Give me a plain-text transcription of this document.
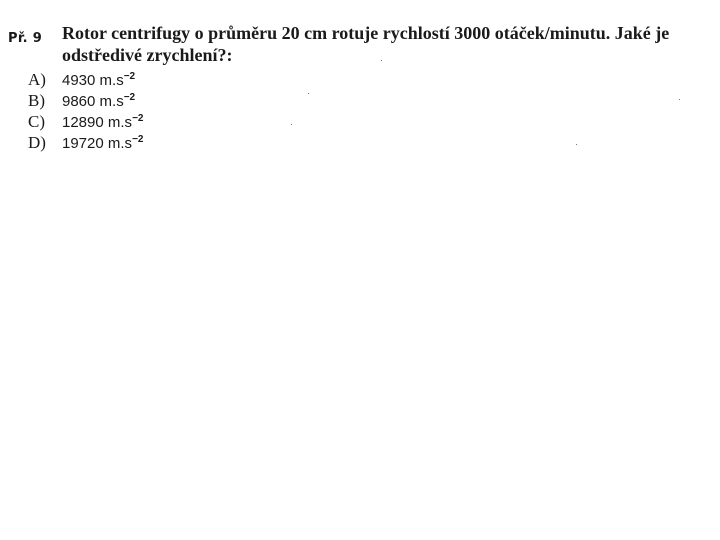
Př. 9 Rotor centrifugy o průměru 20 cm rotuje rychlostí 3000 otáček/minutu. Jaké je odstředivé zrychlení?:
A) 4930 $m.s^{-2}$
B) 9860 $m.s^{-2}$
C) 12890 $m.s^{-2}$
D) 19720 $m.s^{-2}$
